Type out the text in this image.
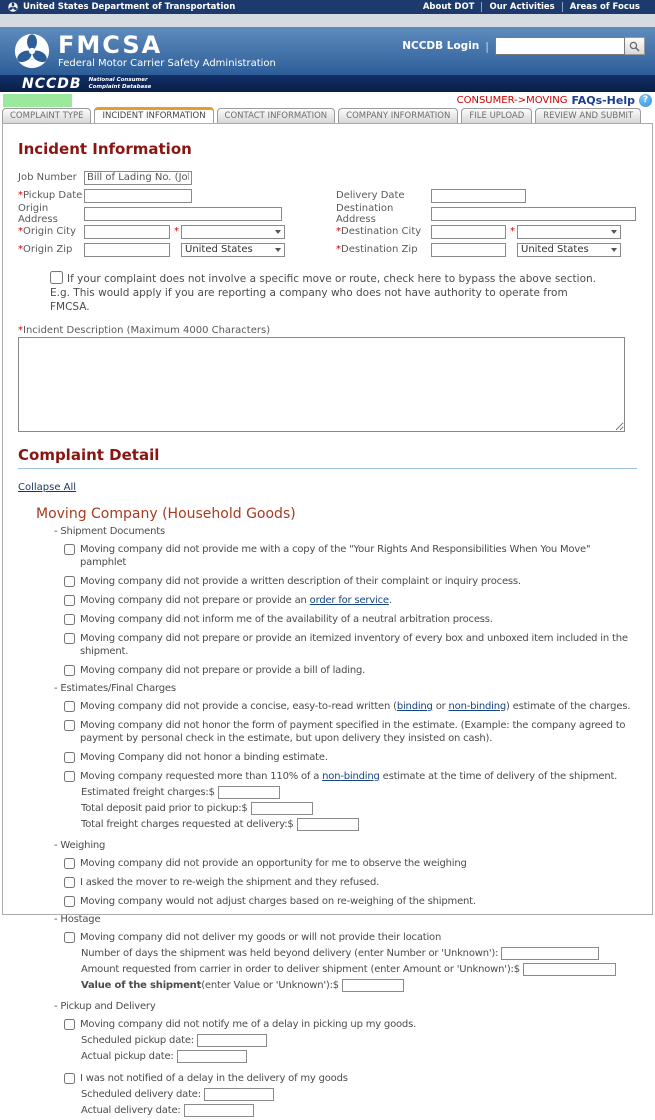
United States Department of Transportation	About DOT	Our Activities	Areas of Focus
FMCSA
Federal Motor Carrier Safety Administration
NCCDB Login |
NCCDB National Consumer
Complaint Database
CONSUMER->MOVING FAQs-Help ?
COMPLAINT TYPE	INCIDENT INFORMATION	CONTACT INFORMATION	COMPANY INFORMATION	FILE UPLOAD	REVIEW AND SUBMIT
Incident Information
Job Number
Bill of Lading No. (Job #)
*Pickup Date
Origin Address
*Origin City	*
*Origin Zip	United States
Delivery Date
Destination Address
*Destination City	*
*Destination Zip	United States
If your complaint does not involve a specific move or route, check here to bypass the above section. E.g. This would apply if you are reporting a company who does not have authority to operate from FMCSA.
*Incident Description (Maximum 4000 Characters)
Complaint Detail
Collapse All
Moving Company (Household Goods)
- Shipment Documents
Moving company did not provide me with a copy of the "Your Rights And Responsibilities When You Move" pamphlet
Moving company did not provide a written description of their complaint or inquiry process.
Moving company did not prepare or provide an order for service.
Moving company did not inform me of the availability of a neutral arbitration process.
Moving company did not prepare or provide an itemized inventory of every box and unboxed item included in the shipment.
Moving company did not prepare or provide a bill of lading.
- Estimates/Final Charges
Moving company did not provide a concise, easy-to-read written (binding or non-binding) estimate of the charges.
Moving company did not honor the form of payment specified in the estimate. (Example: the company agreed to payment by personal check in the estimate, but upon delivery they insisted on cash).
Moving Company did not honor a binding estimate.
Moving company requested more than 110% of a non-binding estimate at the time of delivery of the shipment.
Estimated freight charges: $
Total deposit paid prior to pickup: $
Total freight charges requested at delivery: $
- Weighing
Moving company did not provide an opportunity for me to observe the weighing
I asked the mover to re-weigh the shipment and they refused.
Moving company would not adjust charges based on re-weighing of the shipment.
- Hostage
Moving company did not deliver my goods or will not provide their location
Number of days the shipment was held beyond delivery (enter Number or 'Unknown'):
Amount requested from carrier in order to deliver shipment (enter Amount or 'Unknown'): $
Value of the shipment (enter Value or 'Unknown'): $
- Pickup and Delivery
Moving company did not notify me of a delay in picking up my goods.
Scheduled pickup date:
Actual pickup date:
I was not notified of a delay in the delivery of my goods
Scheduled delivery date:
Actual delivery date:
